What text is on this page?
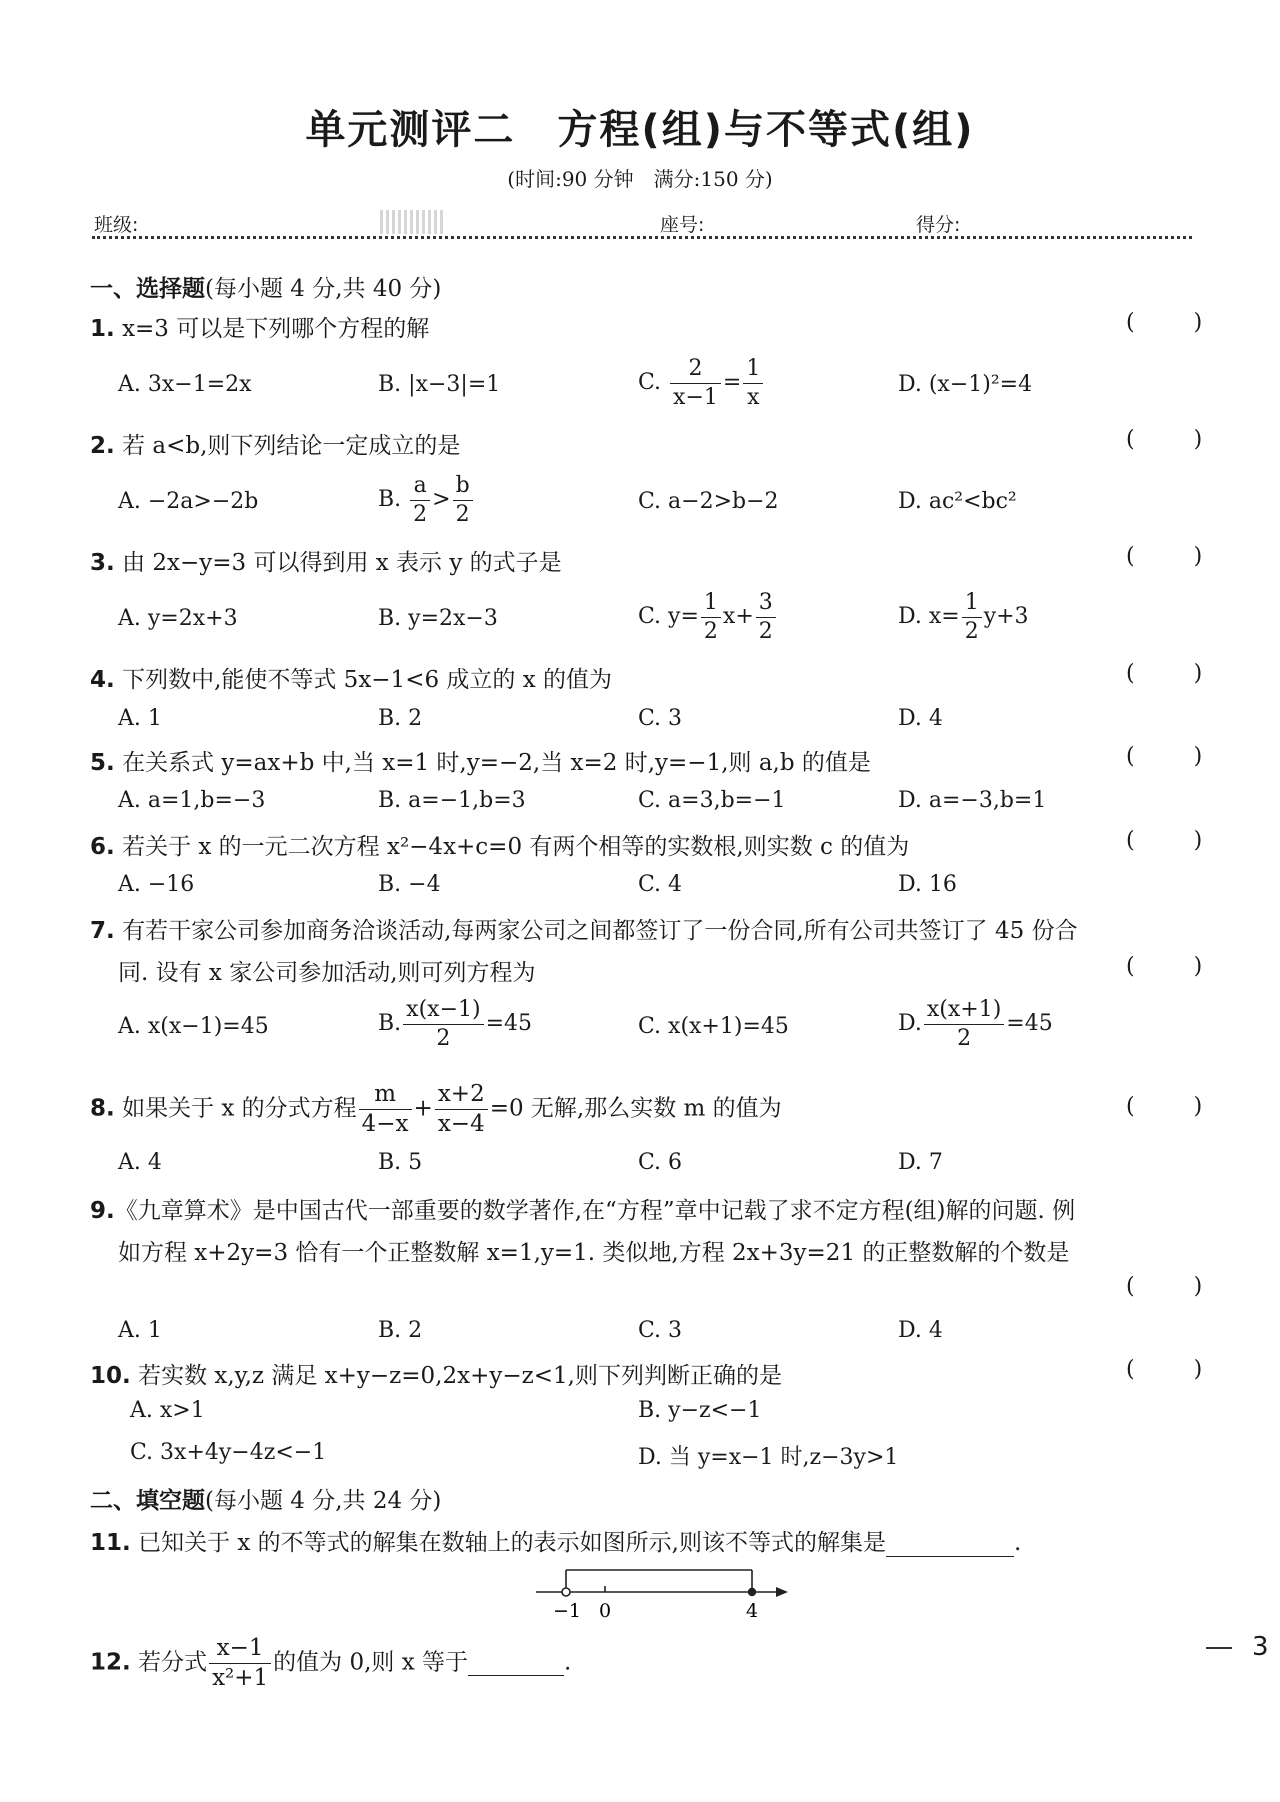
单元测评二　方程(组)与不等式(组)
(时间:90 分钟　满分:150 分)
班级:	座号:	得分:
一、选择题(每小题 4 分,共 40 分)
1. x=3 可以是下列哪个方程的解	( )
A. 3x−1=2x	B. |x−3|=1	C. $\frac{2}{x-1} = \frac{1}{x}$	D. (x−1)²=4
2. 若 a<b,则下列结论一定成立的是	( )
A. −2a>−2b	B. $\frac{a}{2} > \frac{b}{2}$	C. a−2>b−2	D. ac²<bc²
3. 由 2x−y=3 可以得到用 x 表示 y 的式子是	( )
A. y=2x+3	B. y=2x−3	C. $y= \frac{1}{2} x+ \frac{3}{2}$	D. $x= \frac{1}{2} y+3$
4. 下列数中,能使不等式 5x−1<6 成立的 x 的值为	( )
A. 1	B. 2	C. 3	D. 4
5. 在关系式 y=ax+b 中,当 x=1 时,y=−2,当 x=2 时,y=−1,则 a,b 的值是	( )
A. a=1,b=−3	B. a=−1,b=3	C. a=3,b=−1	D. a=−3,b=1
6. 若关于 x 的一元二次方程 x²−4x+c=0 有两个相等的实数根,则实数 c 的值为	( )
A. −16	B. −4	C. 4	D. 16
7. 有若干家公司参加商务洽谈活动,每两家公司之间都签订了一份合同,所有公司共签订了 45 份合
同. 设有 x 家公司参加活动,则可列方程为	( )
A. x(x−1)=45	B. $\frac{x(x-1)}{2} =45$	C. x(x+1)=45	D. $\frac{x(x+1)}{2} =45$
8. 如果关于 x 的分式方程 $\frac{m}{4-x} + \frac{x+2}{x-4} =0$ 无解,那么实数 m 的值为	( )
A. 4	B. 5	C. 6	D. 7
9.《九章算术》是中国古代一部重要的数学著作,在“方程”章中记载了求不定方程(组)解的问题. 例
如方程 x+2y=3 恰有一个正整数解 x=1,y=1. 类似地,方程 2x+3y=21 的正整数解的个数是
( )
A. 1	B. 2	C. 3	D. 4
10. 若实数 x,y,z 满足 x+y−z=0,2x+y−z<1,则下列判断正确的是	( )
A. x>1	B. y−z<−1
C. 3x+4y−4z<−1	D. 当 y=x−1 时,z−3y>1
二、填空题(每小题 4 分,共 24 分)
11. 已知关于 x 的不等式的解集在数轴上的表示如图所示,则该不等式的解集是	.
−1 0	4
12. 若分式 $\frac{x-1}{\text{x²+1}}$ 的值为 0,则 x 等于	.
3
